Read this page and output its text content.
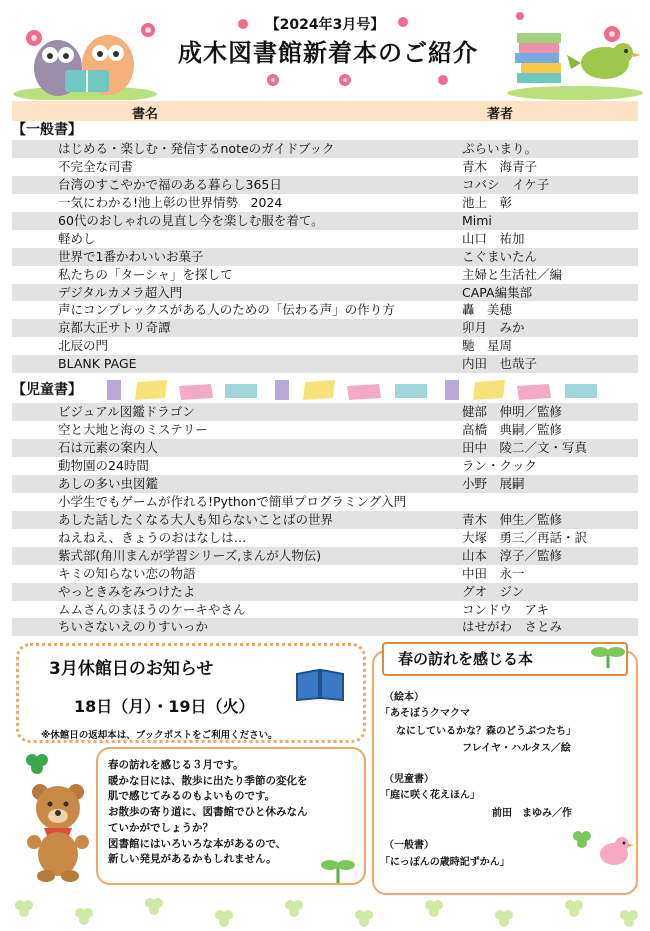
【2024年3月号】
成木図書館新着本のご紹介
書名	著者
【一般書】
はじめる・楽しむ・発信するnoteのガイドブック	ぷらいまり。
不完全な司書	青木　海青子
台湾のすこやかで福のある暮らし365日	コバシ　イケ子
一気にわかる!池上彰の世界情勢　2024	池上　彰
60代のおしゃれの見直し今を楽しむ服を着て。	Mimi
軽めし	山口　祐加
世界で1番かわいいお菓子	こぐまいたん
私たちの「ターシャ」を探して	主婦と生活社／編
デジタルカメラ超入門	CAPA編集部
声にコンプレックスがある人のための「伝わる声」の作り方	轟　美穂
京都大正サトリ奇譚	卯月　みか
北辰の門	馳　星周
BLANK PAGE	内田　也哉子
【児童書】
ビジュアル図鑑ドラゴン	健部　伸明／監修
空と大地と海のミステリー	高橋　典嗣／監修
石は元素の案内人	田中　陵二／文・写真
動物園の24時間	ラン・クック
あしの多い虫図鑑	小野　展嗣
小学生でもゲームが作れる!Pythonで簡単プログラミング入門
あした話したくなる大人も知らないことばの世界	青木　伸生／監修
ねえねえ、きょうのおはなしは…	大塚　勇三／再話・訳
紫式部(角川まんが学習シリーズ,まんが人物伝)	山本　淳子／監修
キミの知らない恋の物語	中田　永一
やっときみをみつけたよ	グオ　ジン
ムムさんのまほうのケーキやさん	コンドウ　アキ
ちいさないえのりすいっか	はせがわ　さとみ
3月休館日のお知らせ
18日（月）・19日（火）
※休館日の返却本は、ブックポストをご利用ください。

春の訪れを感じる３月です。

暖かな日には、散歩に出たり季節の変化を

肌で感じてみるのもよいものです。

お散歩の寄り道に、図書館でひと休みなん

ていかがでしょうか？

図書館にはいろいろな本があるので、

新しい発見があるかもしれません。

春の訪れを感じる本
（絵本）
「あそぼうクマクマ
なにしているかな？森のどうぶつたち」
フレイヤ・ハルタス／絵
（児童書）
「庭に咲く花えほん」
前田　まゆみ／作
（一般書）
「にっぽんの歳時記ずかん」
